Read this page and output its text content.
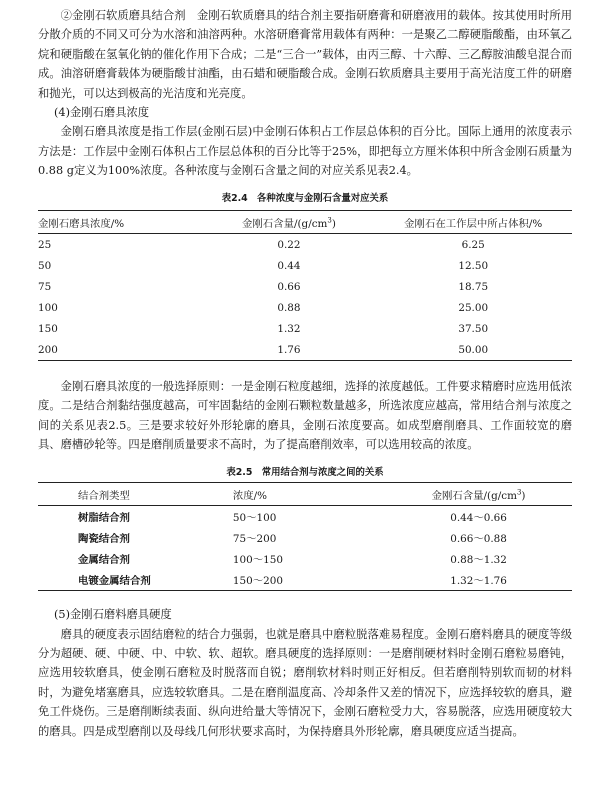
②金刚石软质磨具结合剂　金刚石软质磨具的结合剂主要指研磨膏和研磨液用的载体。按其使用时所用分散介质的不同又可分为水溶和油溶两种。水溶研磨膏常用载体有两种：一是聚乙二醇硬脂酸酯，由环氧乙烷和硬脂酸在氢氧化钠的催化作用下合成；二是“三合一”载体，由丙三醇、十六醇、三乙醇胺油酸皂混合而成。油溶研磨膏载体为硬脂酸甘油酯，由石蜡和硬脂酸合成。金刚石软质磨具主要用于高光洁度工件的研磨和抛光，可以达到极高的光洁度和光亮度。

(4)金刚石磨具浓度

金刚石磨具浓度是指工作层(金刚石层)中金刚石体积占工作层总体积的百分比。国际上通用的浓度表示方法是：工作层中金刚石体积占工作层总体积的百分比等于25%，即把每立方厘米体积中所含金刚石质量为0.88 g定义为100%浓度。各种浓度与金刚石含量之间的对应关系见表2.4。

表2.4　各种浓度与金刚石含量对应关系

金刚石磨具浓度/%	金刚石含量$/(g/cm^3)$	金刚石在工作层中所占体积/%
25	0.22	6.25
50	0.44	12.50
75	0.66	18.75
100	0.88	25.00
150	1.32	37.50
200	1.76	50.00

金刚石磨具浓度的一般选择原则：一是金刚石粒度越细，选择的浓度越低。工件要求精磨时应选用低浓度。二是结合剂黏结强度越高，可牢固黏结的金刚石颗粒数量越多，所选浓度应越高，常用结合剂与浓度之间的关系见表2.5。三是要求较好外形轮廓的磨具，金刚石浓度要高。如成型磨削磨具、工作面较宽的磨具、磨槽砂轮等。四是磨削质量要求不高时，为了提高磨削效率，可以选用较高的浓度。

表2.5　常用结合剂与浓度之间的关系

结合剂类型	浓度/%	金刚石含量$/(g/cm^3)$
树脂结合剂	50～100	0.44～0.66
陶瓷结合剂	75～200	0.66～0.88
金属结合剂	100～150	0.88～1.32
电镀金属结合剂	150～200	1.32～1.76

(5)金刚石磨料磨具硬度

磨具的硬度表示固结磨粒的结合力强弱，也就是磨具中磨粒脱落难易程度。金刚石磨料磨具的硬度等级分为超硬、硬、中硬、中、中软、软、超软。磨具硬度的选择原则：一是磨削硬材料时金刚石磨粒易磨钝，应选用较软磨具，使金刚石磨粒及时脱落而自锐；磨削软材料时则正好相反。但若磨削特别软而韧的材料时，为避免堵塞磨具，应选较软磨具。二是在磨削温度高、冷却条件又差的情况下，应选择较软的磨具，避免工件烧伤。三是磨削断续表面、纵向进给量大等情况下，金刚石磨粒受力大，容易脱落，应选用硬度较大的磨具。四是成型磨削以及母线几何形状要求高时，为保持磨具外形轮廓，磨具硬度应适当提高。
